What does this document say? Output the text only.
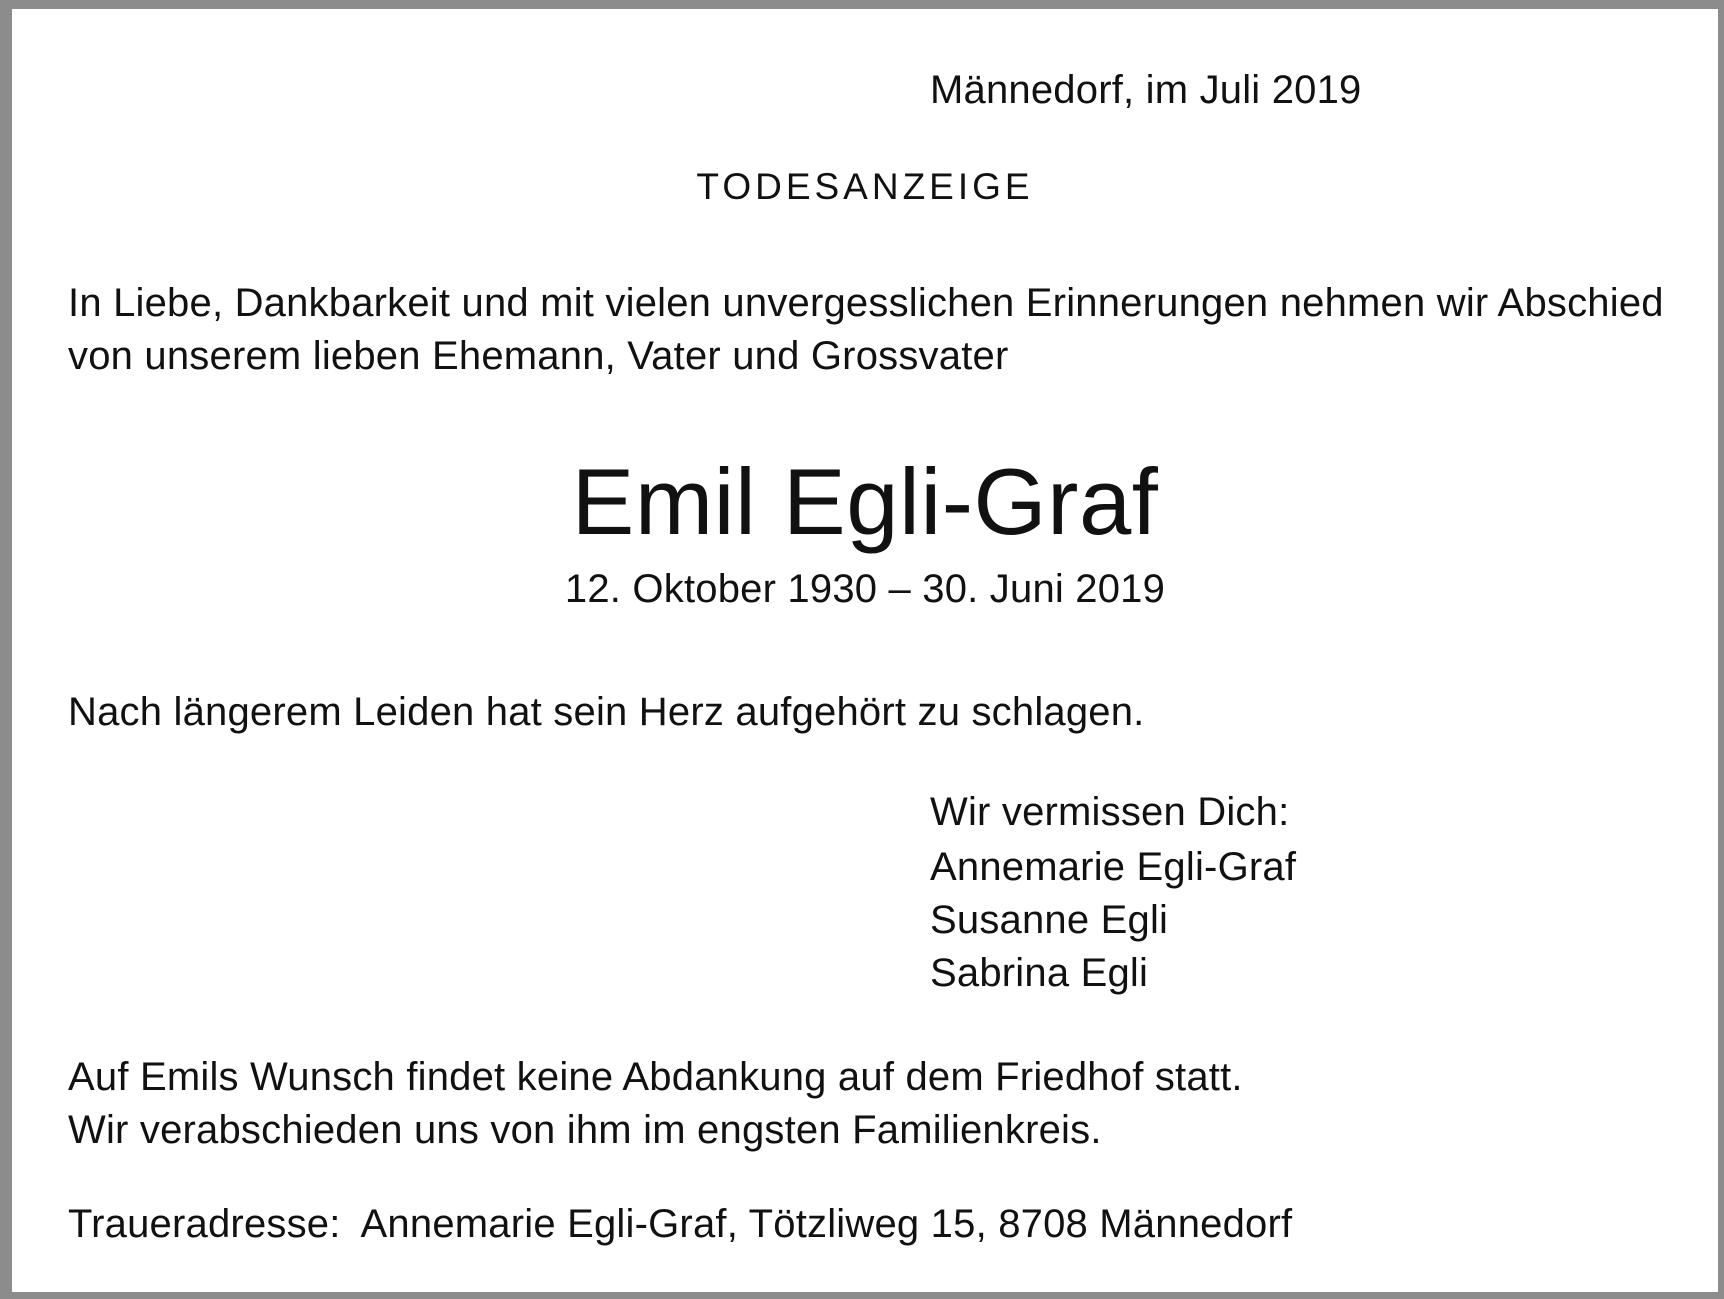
Männedorf, im Juli 2019
TODESANZEIGE
In Liebe, Dankbarkeit und mit vielen unvergesslichen Erinnerungen nehmen wir Abschied
von unserem lieben Ehemann, Vater und Grossvater
Emil Egli-Graf
12. Oktober 1930 – 30. Juni 2019
Nach längerem Leiden hat sein Herz aufgehört zu schlagen.
Wir vermissen Dich:
Annemarie Egli-Graf
Susanne Egli
Sabrina Egli
Auf Emils Wunsch findet keine Abdankung auf dem Friedhof statt.
Wir verabschieden uns von ihm im engsten Familienkreis.
Traueradresse: Annemarie Egli-Graf, Tötzliweg 15, 8708 Männedorf
